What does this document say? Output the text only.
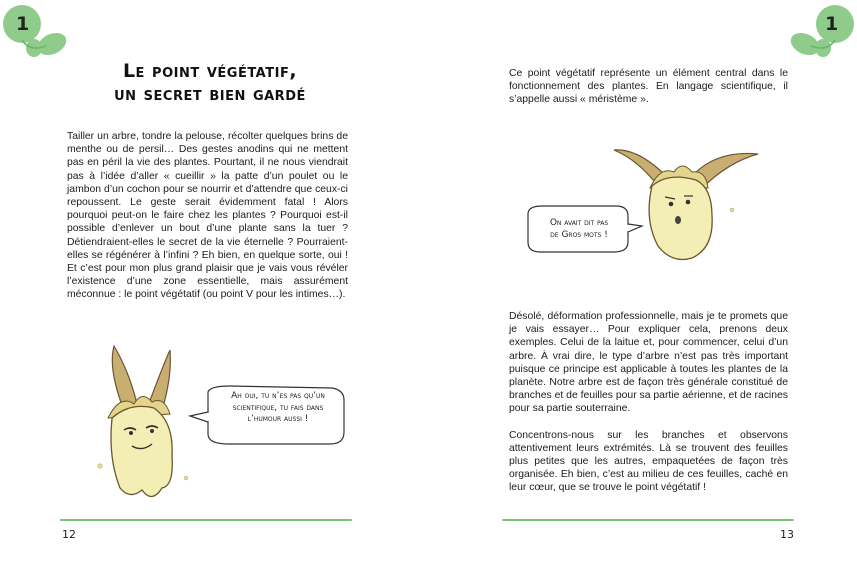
1
Le point végétatif,
un secret bien gardé

Tailler un arbre, tondre la pelouse, récolter quelques brins de menthe ou de persil… Des gestes anodins qui ne mettent pas en péril la vie des plantes. Pourtant, il ne nous viendrait pas à l’idée d’aller « cueillir » la patte d’un poulet ou le jambon d’un cochon pour se nourrir et d’attendre que ceux-ci repoussent. Le geste serait évidemment fatal ! Alors pourquoi peut-on le faire chez les plantes ? Pourquoi est-il possible d’enlever un bout d’une plante sans la tuer ? Détiendraient-elles le secret de la vie éternelle ? Pourraient-elles se régénérer à l’infini ? Eh bien, en quelque sorte, oui ! Et c’est pour mon plus grand plaisir que je vais vous révéler l’existence d’une zone essentielle, mais assurément méconnue : le point végétatif (ou point V pour les intimes…).

Ah oui, tu n’es pas qu’un
scientifique, tu fais dans
l’humour aussi !
12
1

Ce point végétatif représente un élément central dans le fonctionnement des plantes. En langage scientifique, il s’appelle aussi « méristème ».

On avait dit pas
de Gros mots !

Désolé, déformation professionnelle, mais je te promets que je vais essayer… Pour expliquer cela, prenons deux exemples. Celui de la laitue et, pour commencer, celui d’un arbre. À vrai dire, le type d’arbre n’est pas très important puisque ce principe est applicable à toutes les plantes de la planète. Notre arbre est de façon très générale constitué de branches et de feuilles pour sa partie aérienne, et de racines pour sa partie souterraine.

Concentrons-nous sur les branches et observons attentivement leurs extrémités. Là se trouvent des feuilles plus petites que les autres, empaquetées de façon très organisée. Eh bien, c’est au milieu de ces feuilles, caché en leur cœur, que se trouve le point végétatif !

13
